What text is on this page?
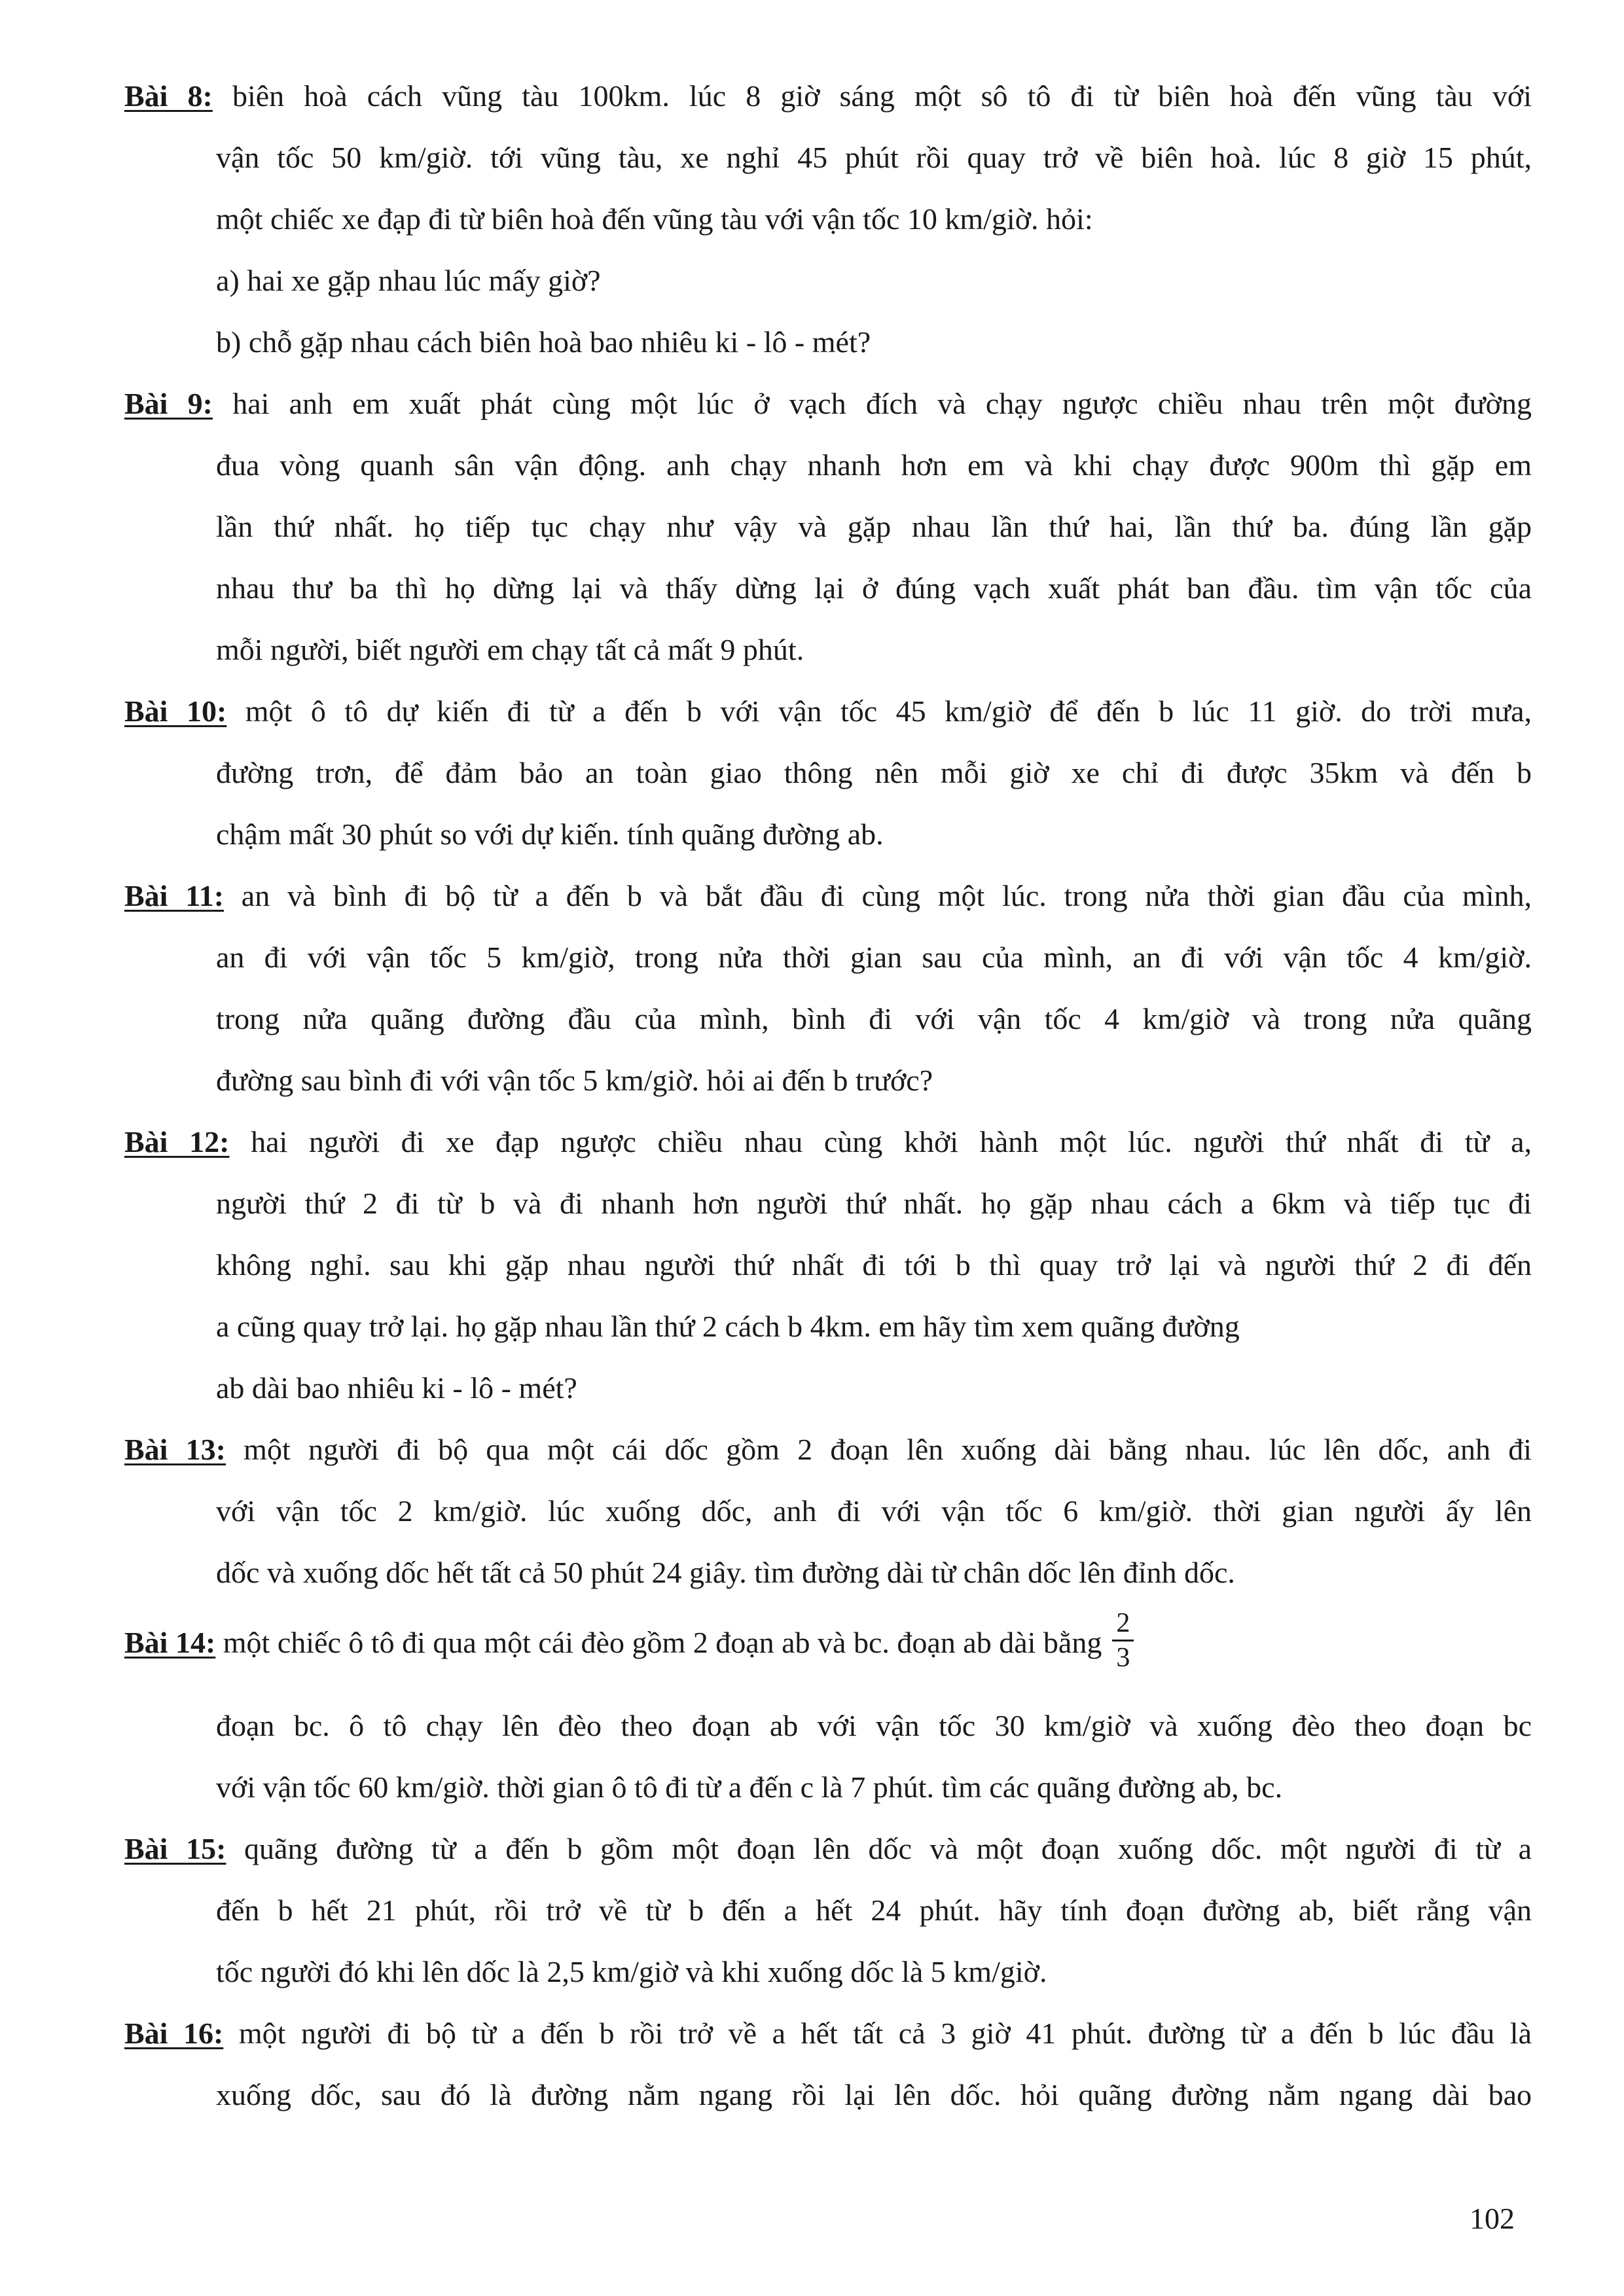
Bài 8: biên hoà cách vũng tàu 100km. lúc 8 giờ sáng một sô tô đi từ biên hoà đến vũng tàu với

vận tốc 50 km/giờ. tới vũng tàu, xe nghỉ 45 phút rồi quay trở về biên hoà. lúc 8 giờ 15 phút,

một chiếc xe đạp đi từ biên hoà đến vũng tàu với vận tốc 10 km/giờ. hỏi:

a) hai xe gặp nhau lúc mấy giờ?

b) chỗ gặp nhau cách biên hoà bao nhiêu ki - lô - mét?

Bài 9: hai anh em xuất phát cùng một lúc ở vạch đích và chạy ngược chiều nhau trên một đường

đua vòng quanh sân vận động. anh chạy nhanh hơn em và khi chạy được 900m thì gặp em

lần thứ nhất. họ tiếp tục chạy như vậy và gặp nhau lần thứ hai, lần thứ ba. đúng lần gặp

nhau thư ba thì họ dừng lại và thấy dừng lại ở đúng vạch xuất phát ban đầu. tìm vận tốc của

mỗi người, biết người em chạy tất cả mất 9 phút.

Bài 10: một ô tô dự kiến đi từ a đến b với vận tốc 45 km/giờ để đến b lúc 11 giờ. do trời mưa,

đường trơn, để đảm bảo an toàn giao thông nên mỗi giờ xe chỉ đi được 35km và đến b

chậm mất 30 phút so với dự kiến. tính quãng đường ab.

Bài 11: an và bình đi bộ từ a đến b và bắt đầu đi cùng một lúc. trong nửa thời gian đầu của mình,

an đi với vận tốc 5 km/giờ, trong nửa thời gian sau của mình, an đi với vận tốc 4 km/giờ.

trong nửa quãng đường đầu của mình, bình đi với vận tốc 4 km/giờ và trong nửa quãng

đường sau bình đi với vận tốc 5 km/giờ. hỏi ai đến b trước?

Bài 12: hai người đi xe đạp ngược chiều nhau cùng khởi hành một lúc. người thứ nhất đi từ a,

người thứ 2 đi từ b và đi nhanh hơn người thứ nhất. họ gặp nhau cách a 6km và tiếp tục đi

không nghỉ. sau khi gặp nhau người thứ nhất đi tới b thì quay trở lại và người thứ 2 đi đến

a cũng quay trở lại. họ gặp nhau lần thứ 2 cách b 4km. em hãy tìm xem quãng đường

ab dài bao nhiêu ki - lô - mét?

Bài 13: một người đi bộ qua một cái dốc gồm 2 đoạn lên xuống dài bằng nhau. lúc lên dốc, anh đi

với vận tốc 2 km/giờ. lúc xuống dốc, anh đi với vận tốc 6 km/giờ. thời gian người ấy lên

dốc và xuống dốc hết tất cả 50 phút 24 giây. tìm đường dài từ chân dốc lên đỉnh dốc.

Bài 14: một chiếc ô tô đi qua một cái đèo gồm 2 đoạn ab và bc. đoạn ab dài bằng $\frac{2}{3}$

đoạn bc. ô tô chạy lên đèo theo đoạn ab với vận tốc 30 km/giờ và xuống đèo theo đoạn bc

với vận tốc 60 km/giờ. thời gian ô tô đi từ a đến c là 7 phút. tìm các quãng đường ab, bc.

Bài 15: quãng đường từ a đến b gồm một đoạn lên dốc và một đoạn xuống dốc. một người đi từ a

đến b hết 21 phút, rồi trở về từ b đến a hết 24 phút. hãy tính đoạn đường ab, biết rằng vận

tốc người đó khi lên dốc là 2,5 km/giờ và khi xuống dốc là 5 km/giờ.

Bài 16: một người đi bộ từ a đến b rồi trở về a hết tất cả 3 giờ 41 phút. đường từ a đến b lúc đầu là

xuống dốc, sau đó là đường nằm ngang rồi lại lên dốc. hỏi quãng đường nằm ngang dài bao

102
